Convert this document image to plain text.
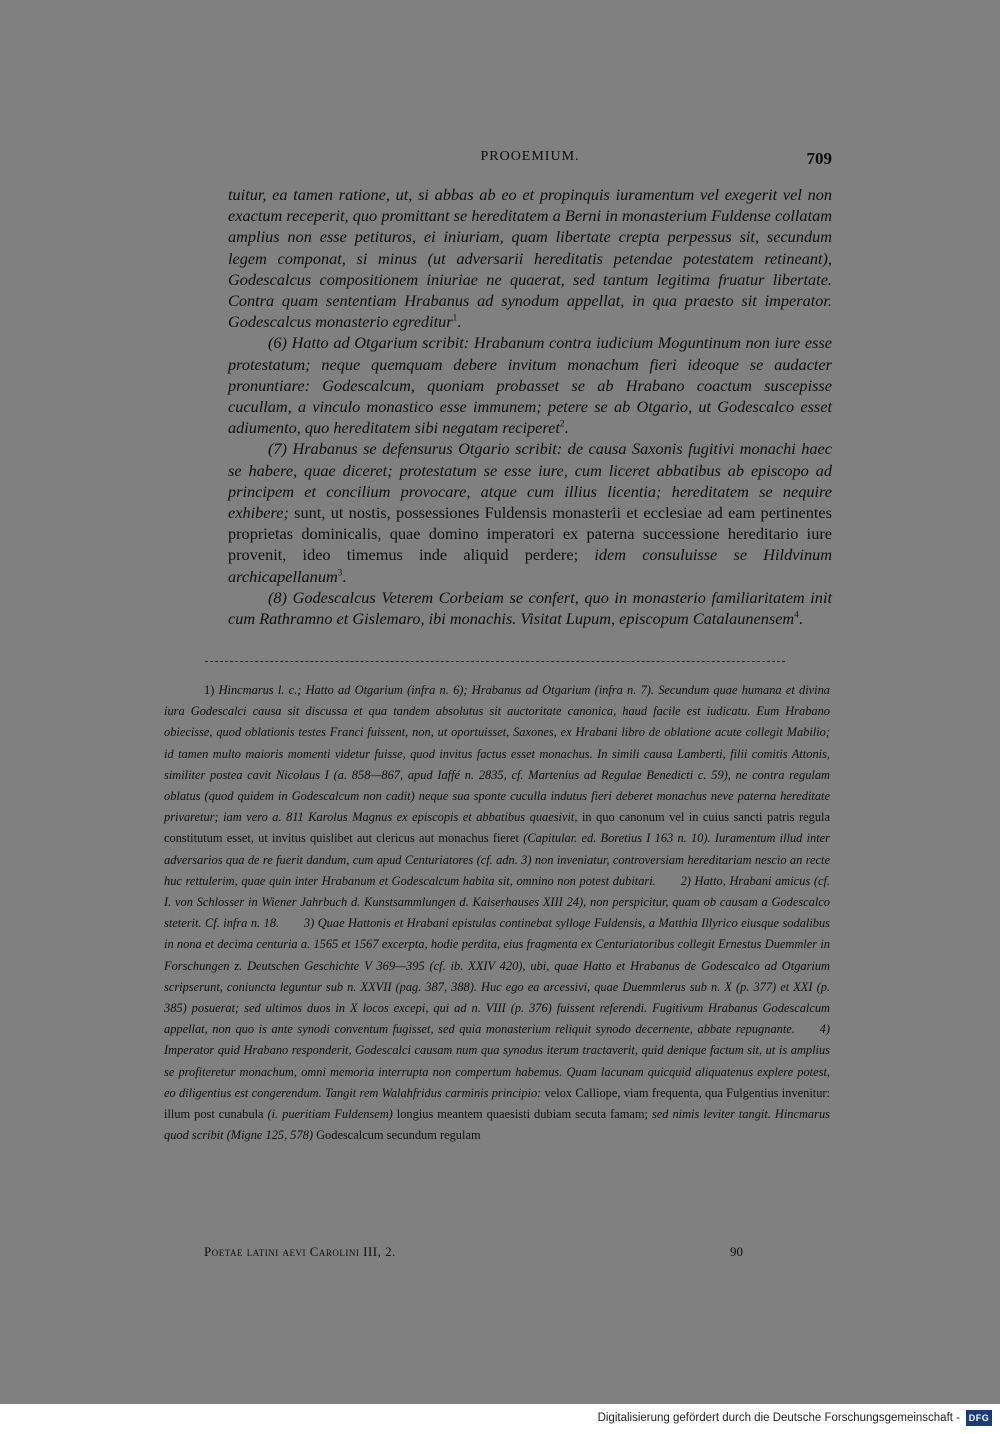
PROOEMIUM.	709

tuitur, ea tamen ratione, ut, si abbas ab eo et propinquis iuramentum vel exegerit vel non exactum receperit, quo promittant se hereditatem a Berni in monasterium Fuldense collatam amplius non esse petituros, ei iniuriam, quam libertate crepta perpessus sit, secundum legem componat, si minus (ut adversarii hereditatis petendae potestatem retineant), Godescalcus compositionem iniuriae ne quaerat, sed tantum legitima fruatur libertate. Contra quam sententiam Hrabanus ad synodum appellat, in qua praesto sit imperator. Godescalcus monasterio egreditur$^1$.

(6) Hatto ad Otgarium scribit: Hrabanum contra iudicium Moguntinum non iure esse protestatum; neque quemquam debere invitum monachum fieri ideoque se audacter pronuntiare: Godescalcum, quoniam probasset se ab Hrabano coactum suscepisse cucullam, a vinculo monastico esse immunem; petere se ab Otgario, ut Godescalco esset adiumento, quo hereditatem sibi negatam reciperet$^2$.

(7) Hrabanus se defensurus Otgario scribit: de causa Saxonis fugitivi monachi haec se habere, quae diceret; protestatum se esse iure, cum liceret abbatibus ab episcopo ad principem et concilium provocare, atque cum illius licentia; hereditatem se nequire exhibere; sunt, ut nostis, possessiones Fuldensis monasterii et ecclesiae ad eam pertinentes proprietas dominicalis, quae domino imperatori ex paterna successione hereditario iure provenit, ideo timemus inde aliquid perdere; idem consuluisse se Hildvinum archicapellanum$^3$.

(8) Godescalcus Veterem Corbeiam se confert, quo in monasterio familiaritatem init cum Rathramno et Gislemaro, ibi monachis. Visitat Lupum, episcopum Catalaunensem$^4$.

1) Hincmarus l. c.; Hatto ad Otgarium (infra n. 6); Hrabanus ad Otgarium (infra n. 7). Secundum quae humana et divina iura Godescalci causa sit discussa et qua tandem absolutus sit auctoritate canonica, haud facile est iudicatu. Eum Hrabano obiecisse, quod oblationis testes Franci fuissent, non, ut oportuisset, Saxones, ex Hrabani libro de oblatione acute collegit Mabilio; id tamen multo maioris momenti videtur fuisse, quod invitus factus esset monachus. In simili causa Lamberti, filii comitis Attonis, similiter postea cavit Nicolaus I (a. 858—867, apud Iaffé n. 2835, cf. Martenius ad Regulae Benedicti c. 59), ne contra regulam oblatus (quod quidem in Godescalcum non cadit) neque sua sponte cuculla indutus fieri deberet monachus neve paterna hereditate privaretur; iam vero a. 811 Karolus Magnus ex episcopis et abbatibus quaesivit, in quo canonum vel in cuius sancti patris regula constitutum esset, ut invitus quislibet aut clericus aut monachus fieret (Capitular. ed. Boretius I 163 n. 10). Iuramentum illud inter adversarios qua de re fuerit dandum, cum apud Centuriatores (cf. adn. 3) non inveniatur, controversiam hereditariam nescio an recte huc rettulerim, quae quin inter Hrabanum et Godescalcum habita sit, omnino non potest dubitari.   2) Hatto, Hrabani amicus (cf. I. von Schlosser in Wiener Jahrbuch d. Kunstsammlungen d. Kaiserhauses XIII 24), non perspicitur, quam ob causam a Godescalco steterit. Cf. infra n. 18.   3) Quae Hattonis et Hrabani epistulas continebat sylloge Fuldensis, a Matthia Illyrico eiusque sodalibus in nona et decima centuria a. 1565 et 1567 excerpta, hodie perdita, eius fragmenta ex Centuriatoribus collegit Ernestus Duemmler in Forschungen z. Deutschen Geschichte V 369—395 (cf. ib. XXIV 420), ubi, quae Hatto et Hrabanus de Godescalco ad Otgarium scripserunt, coniuncta leguntur sub n. XXVII (pag. 387, 388). Huc ego ea arcessivi, quae Duemmlerus sub n. X (p. 377) et XXI (p. 385) posuerat; sed ultimos duos in X locos excepi, qui ad n. VIII (p. 376) fuissent referendi. Fugitivum Hrabanus Godescalcum appellat, non quo is ante synodi conventum fugisset, sed quia monasterium reliquit synodo decernente, abbate repugnante.   4) Imperator quid Hrabano responderit, Godescalci causam num qua synodus iterum tractaverit, quid denique factum sit, ut is amplius se profiteretur monachum, omni memoria interrupta non compertum habemus. Quam lacunam quicquid aliquatenus explere potest, eo diligentius est congerendum. Tangit rem Walahfridus carminis principio: velox Calliope, viam frequenta, qua Fulgentius invenitur: illum post cunabula (i. pueritiam Fuldensem) longius meantem quaesisti dubiam secuta famam; sed nimis leviter tangit. Hincmarus quod scribit (Migne 125, 578) Godescalcum secundum regulam

Poetae latini aevi Carolini III, 2.	90
Digitalisierung gefördert durch die Deutsche Forschungsgemeinschaft - DFG
